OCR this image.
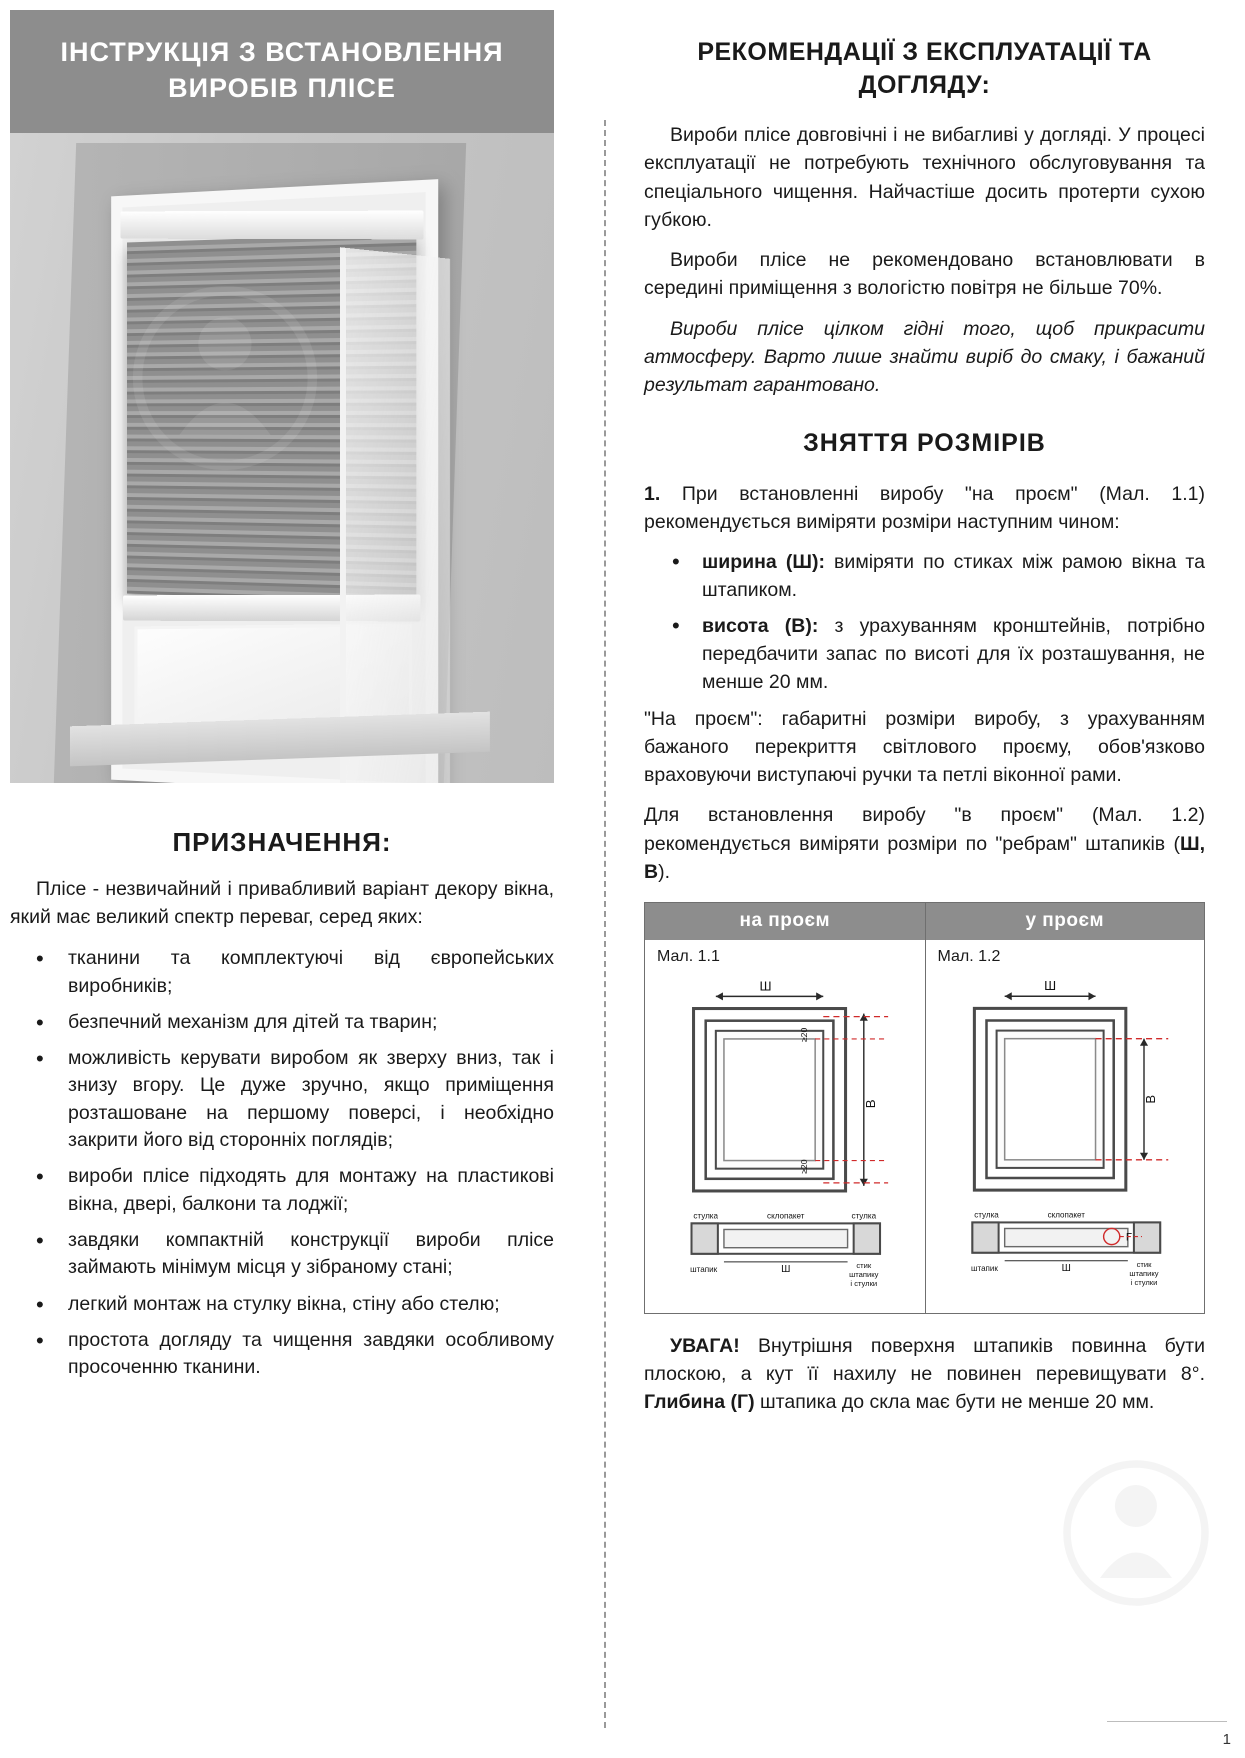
ІНСТРУКЦІЯ З ВСТАНОВЛЕННЯ ВИРОБІВ ПЛІCЕ
ПРИЗНАЧЕННЯ:

Пліcе - незвичайний і привабливий варіант декору вікна, який має великий спектр переваг, серед яких:

• тканини та комплектуючі від європейських виробників;
• безпечний механізм для дітей та тварин;
• можливість керувати виробом як зверху вниз, так і знизу вгору. Це дуже зручно, якщо приміщення розташоване на першому поверсі, і необхідно закрити його від сторонніх поглядів;
• вироби пліcе підходять для монтажу на пластикові вікна, двері, балкони та лоджії;
• завдяки компактній конструкції вироби пліcе займають мінімум місця у зібраному стані;
• легкий монтаж на стулку вікна, стіну або стелю;
• простота догляду та чищення завдяки особливому просоченню тканини.
РЕКОМЕНДАЦІЇ З ЕКСПЛУАТАЦІЇ ТА ДОГЛЯДУ:

Вироби пліcе довговічні і не вибагливі у догляді. У процесі експлуатації не потребують технічного обслуговування та спеціального чищення. Найчастіше досить протерти сухою губкою.

Вироби пліcе не рекомендовано встановлювати в середині приміщення з вологістю повітря не більше 70%.

Вироби пліcе цілком гідні того, щоб прикрасити атмосферу. Варто лише знайти виріб до смаку, і бажаний результат гарантовано.

ЗНЯТТЯ РОЗМІРІВ

1. При встановленні виробу "на проєм" (Мал. 1.1) рекомендується виміряти розміри наступним чином:

• ширина (Ш): виміряти по стиках між рамою вікна та штапиком.
• висота (В): з урахуванням кронштейнів, потрібно передбачити запас по висоті для їх розташування, не менше 20 мм.

"На проєм": габаритні розміри виробу, з урахуванням бажаного перекриття світлового проєму, обов'язково враховуючи виступаючі ручки та петлі віконної рами.

Для встановлення виробу "в проєм" (Мал. 1.2) рекомендується виміряти розміри по "ребрам" штапиків (Ш, В).

на проєм
Мал. 1.1
Ш
В
≥20
≥20
стулка	склопакет	стулка
штапик	Ш	стик
штапику
і стулки
у проєм
Мал. 1.2
Ш
В
стулка	склопакет
штапик	Ш	стик
штапику
і стулки
Г
УВАГА! Внутрішня поверхня штапиків повинна бути плоскою, а кут її нахилу не повинен перевищувати 8°. Глибина (Г) штапика до скла має бути не менше 20 мм.
1
